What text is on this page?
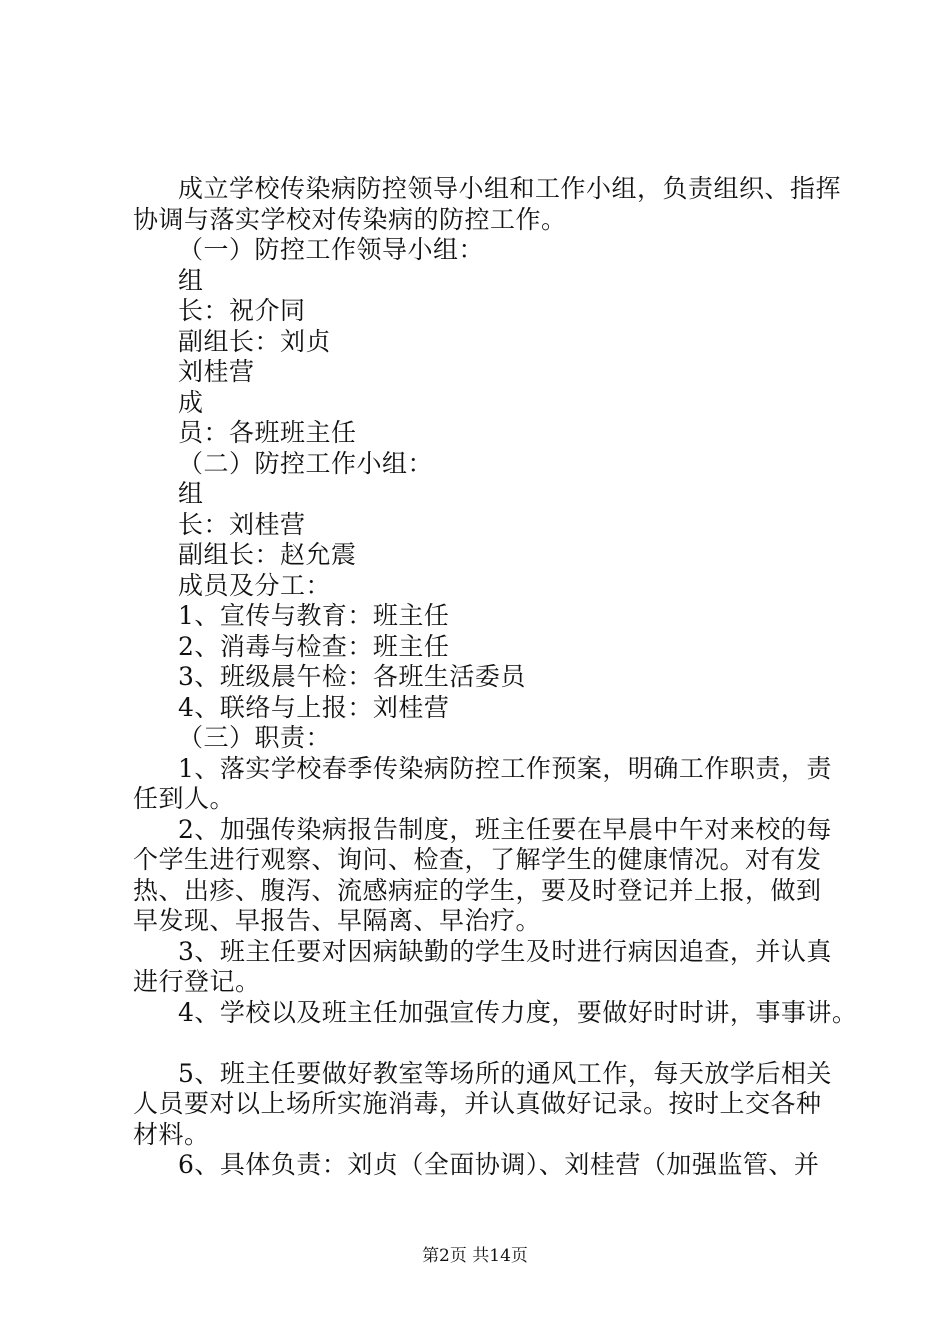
成立学校传染病防控领导小组和工作小组，负责组织、指挥
协调与落实学校对传染病的防控工作。
（一）防控工作领导小组：
组
长：祝介同
副组长：刘贞
刘桂营
成
员：各班班主任
（二）防控工作小组：
组
长：刘桂营
副组长：赵允震
成员及分工：
1、宣传与教育：班主任
2、消毒与检查：班主任
3、班级晨午检：各班生活委员
4、联络与上报：刘桂营
（三）职责：
1、落实学校春季传染病防控工作预案，明确工作职责，责
任到人。
2、加强传染病报告制度，班主任要在早晨中午对来校的每
个学生进行观察、询问、检查，了解学生的健康情况。对有发
热、出疹、腹泻、流感病症的学生，要及时登记并上报，做到
早发现、早报告、早隔离、早治疗。
3、班主任要对因病缺勤的学生及时进行病因追查，并认真
进行登记。
4、学校以及班主任加强宣传力度，要做好时时讲，事事讲。
5、班主任要做好教室等场所的通风工作，每天放学后相关
人员要对以上场所实施消毒，并认真做好记录。按时上交各种
材料。
6、具体负责：刘贞（全面协调）、刘桂营（加强监管、并
第2页 共14页
